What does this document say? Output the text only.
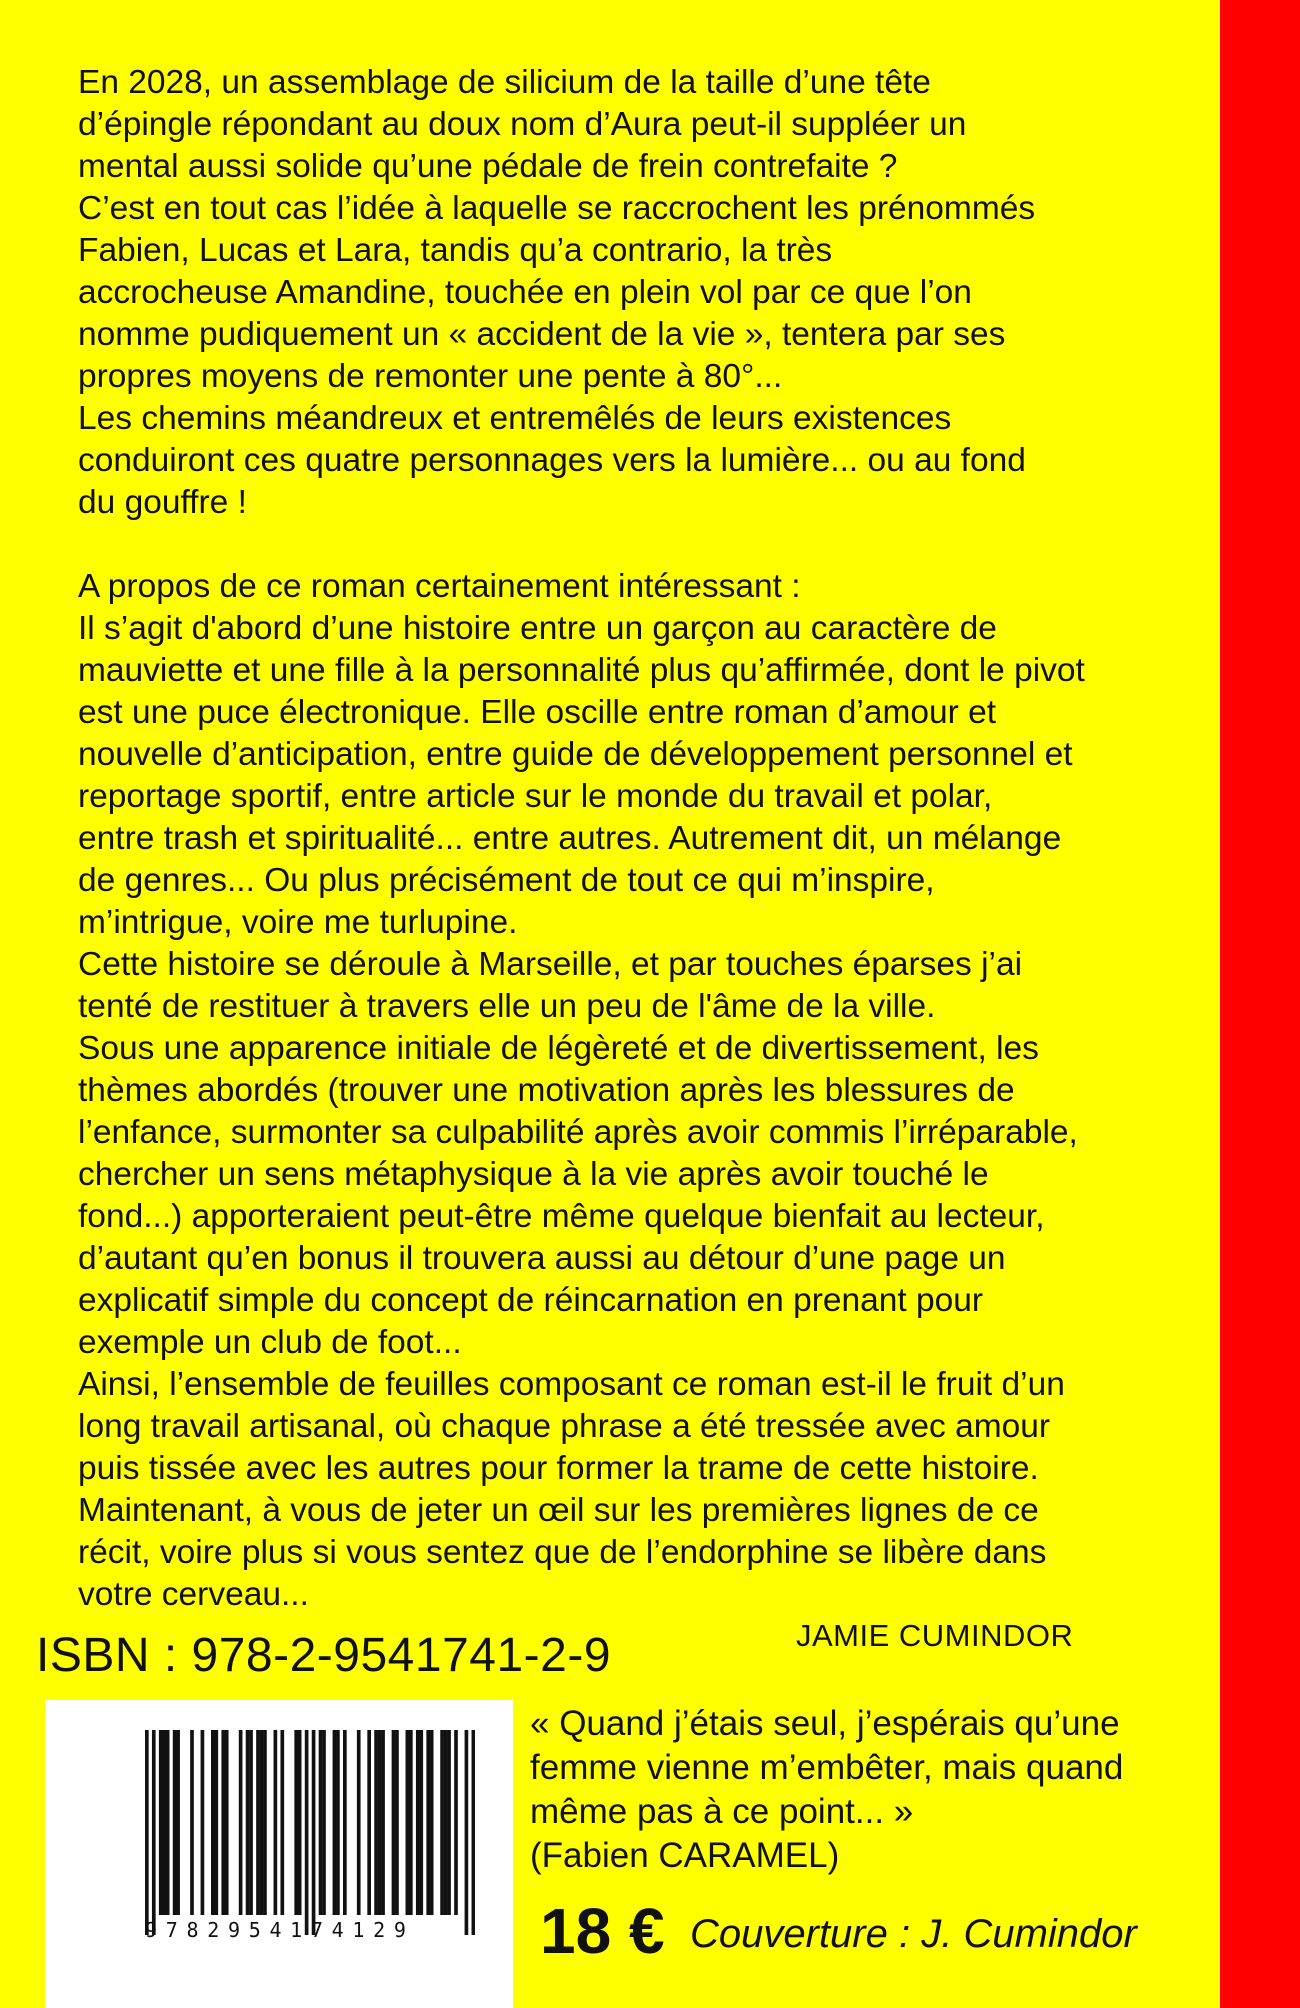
En 2028, un assemblage de silicium de la taille d’une tête

d’épingle répondant au doux nom d’Aura peut-il suppléer un

mental aussi solide qu’une pédale de frein contrefaite ?

C’est en tout cas l’idée à laquelle se raccrochent les prénommés

Fabien, Lucas et Lara, tandis qu’a contrario, la très

accrocheuse Amandine, touchée en plein vol par ce que l’on

nomme pudiquement un « accident de la vie », tentera par ses

propres moyens de remonter une pente à 80°...

Les chemins méandreux et entremêlés de leurs existences

conduiront ces quatre personnages vers la lumière... ou au fond

du gouffre !

A propos de ce roman certainement intéressant :

Il s’agit d'abord d’une histoire entre un garçon au caractère de

mauviette et une fille à la personnalité plus qu’affirmée, dont le pivot

est une puce électronique. Elle oscille entre roman d’amour et

nouvelle d’anticipation, entre guide de développement personnel et

reportage sportif, entre article sur le monde du travail et polar,

entre trash et spiritualité... entre autres. Autrement dit, un mélange

de genres... Ou plus précisément de tout ce qui m’inspire,

m’intrigue, voire me turlupine.

Cette histoire se déroule à Marseille, et par touches éparses j’ai

tenté de restituer à travers elle un peu de l'âme de la ville.

Sous une apparence initiale de légèreté et de divertissement, les

thèmes abordés (trouver une motivation après les blessures de

l’enfance, surmonter sa culpabilité après avoir commis l’irréparable,

chercher un sens métaphysique à la vie après avoir touché le

fond...) apporteraient peut-être même quelque bienfait au lecteur,

d’autant qu’en bonus il trouvera aussi au détour d’une page un

explicatif simple du concept de réincarnation en prenant pour

exemple un club de foot...

Ainsi, l’ensemble de feuilles composant ce roman est-il le fruit d’un

long travail artisanal, où chaque phrase a été tressée avec amour

puis tissée avec les autres pour former la trame de cette histoire.

Maintenant, à vous de jeter un œil sur les premières lignes de ce

récit, voire plus si vous sentez que de l’endorphine se libère dans

votre cerveau...

JAMIE CUMINDOR
ISBN : 978-2-9541741-2-9
9782954174129

« Quand j’étais seul, j’espérais qu’une

femme vienne m’embêter, mais quand

même pas à ce point... »

(Fabien CARAMEL)

18 € Couverture : J. Cumindor
